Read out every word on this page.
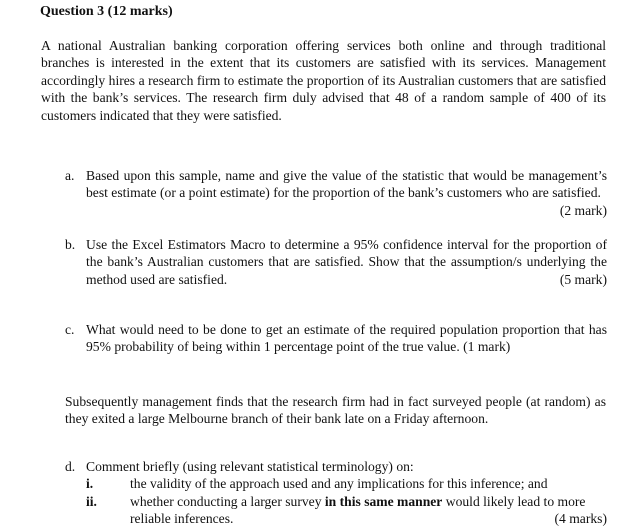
Question 3 (12 marks)
A national Australian banking corporation offering services both online and through traditional branches is interested in the extent that its customers are satisfied with its services. Management accordingly hires a research firm to estimate the proportion of its Australian customers that are satisfied with the bank’s services. The research firm duly advised that 48 of a random sample of 400 of its customers indicated that they were satisfied.
a. Based upon this sample, name and give the value of the statistic that would be management’s best estimate (or a point estimate) for the proportion of the bank’s customers who are satisfied.
(2 mark)
b. Use the Excel Estimators Macro to determine a 95% confidence interval for the proportion of the bank’s Australian customers that are satisfied. Show that the assumption/s underlying the method used are satisfied.	(5 mark)
c. What would need to be done to get an estimate of the required population proportion that has 95% probability of being within 1 percentage point of the true value. (1 mark)
Subsequently management finds that the research firm had in fact surveyed people (at random) as they exited a large Melbourne branch of their bank late on a Friday afternoon.
d. Comment briefly (using relevant statistical terminology) on:
i.	the validity of the approach used and any implications for this inference; and
ii. whether conducting a larger survey in this same manner would likely lead to more reliable inferences.	(4 marks)
